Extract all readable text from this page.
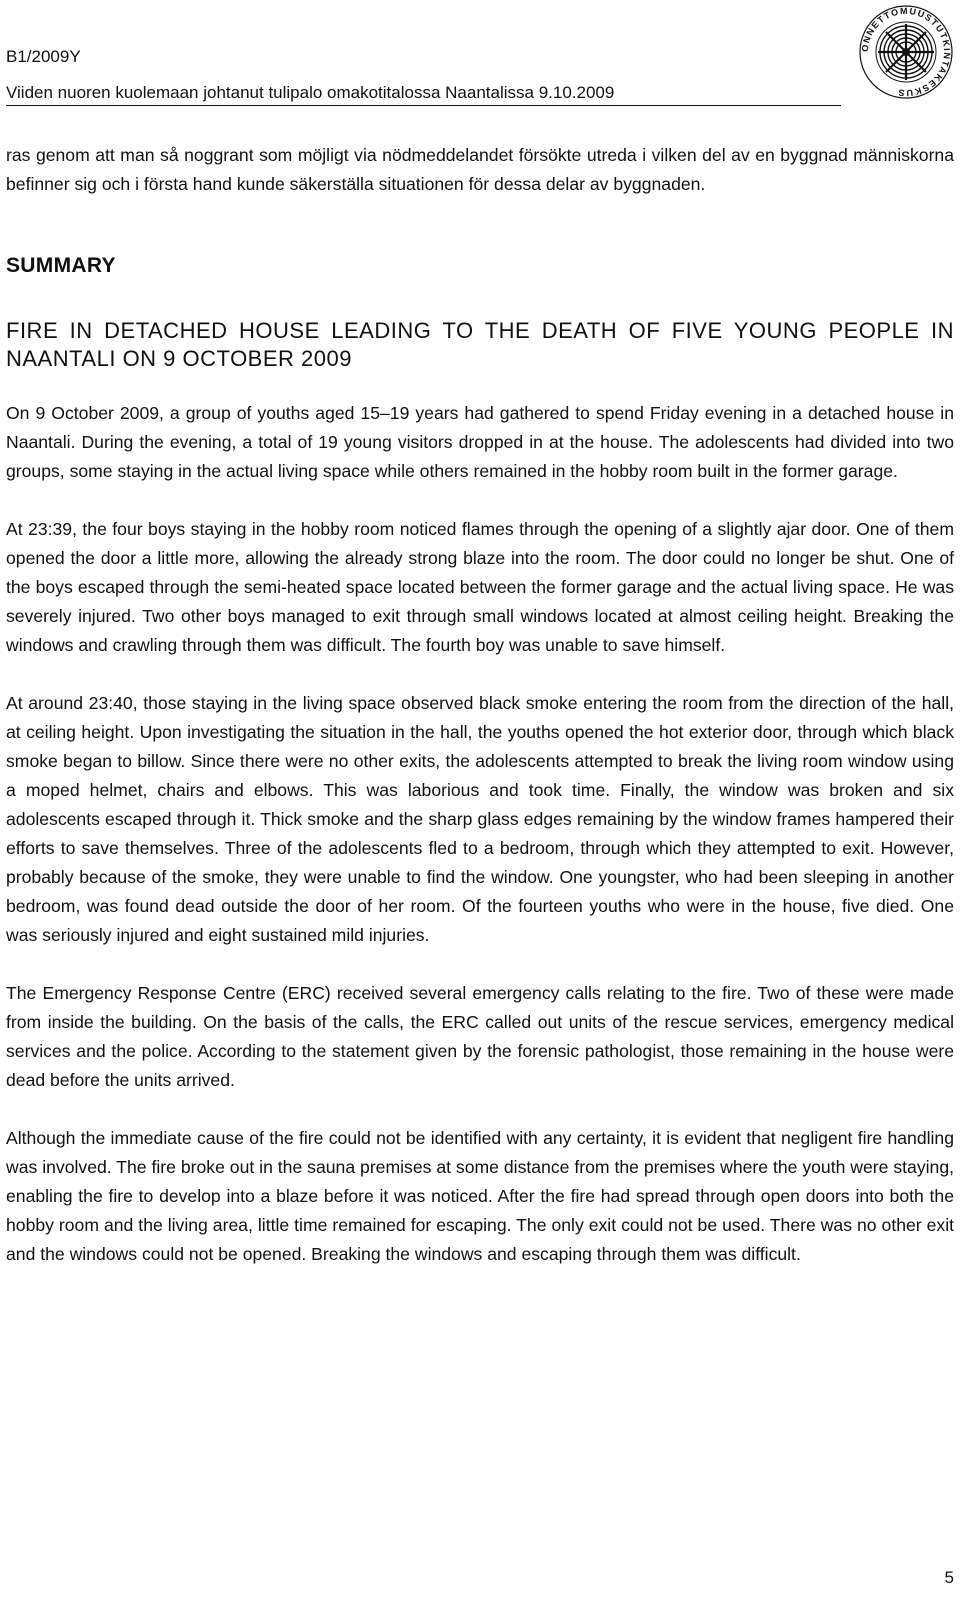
B1/2009Y
Viiden nuoren kuolemaan johtanut tulipalo omakotitalossa Naantalissa 9.10.2009
ONNETTOMUUSTUTKINTAKESKUS

ras genom att man så noggrant som möjligt via nödmeddelandet försökte utreda i vilken del av en byggnad människorna befinner sig och i första hand kunde säkerställa situationen för dessa delar av byggnaden.

SUMMARY
FIRE IN DETACHED HOUSE LEADING TO THE DEATH OF FIVE YOUNG PEOPLE IN NAANTALI ON 9 OCTOBER 2009

On 9 October 2009, a group of youths aged 15–19 years had gathered to spend Friday evening in a detached house in Naantali. During the evening, a total of 19 young visitors dropped in at the house. The adolescents had divided into two groups, some staying in the actual living space while others remained in the hobby room built in the former garage.

At 23:39, the four boys staying in the hobby room noticed flames through the opening of a slightly ajar door. One of them opened the door a little more, allowing the already strong blaze into the room. The door could no longer be shut. One of the boys escaped through the semi-heated space located between the former garage and the actual living space. He was severely injured. Two other boys managed to exit through small windows located at almost ceiling height. Breaking the windows and crawling through them was difficult. The fourth boy was unable to save himself.

At around 23:40, those staying in the living space observed black smoke entering the room from the direction of the hall, at ceiling height. Upon investigating the situation in the hall, the youths opened the hot exterior door, through which black smoke began to billow. Since there were no other exits, the adolescents attempted to break the living room window using a moped helmet, chairs and elbows. This was laborious and took time. Finally, the window was broken and six adolescents escaped through it. Thick smoke and the sharp glass edges remaining by the window frames hampered their efforts to save themselves. Three of the adolescents fled to a bedroom, through which they attempted to exit. However, probably because of the smoke, they were unable to find the window. One youngster, who had been sleeping in another bedroom, was found dead outside the door of her room. Of the fourteen youths who were in the house, five died. One was seriously injured and eight sustained mild injuries.

The Emergency Response Centre (ERC) received several emergency calls relating to the fire. Two of these were made from inside the building. On the basis of the calls, the ERC called out units of the rescue services, emergency medical services and the police. According to the statement given by the forensic pathologist, those remaining in the house were dead before the units arrived.

Although the immediate cause of the fire could not be identified with any certainty, it is evident that negligent fire handling was involved. The fire broke out in the sauna premises at some distance from the premises where the youth were staying, enabling the fire to develop into a blaze before it was noticed. After the fire had spread through open doors into both the hobby room and the living area, little time remained for escaping. The only exit could not be used. There was no other exit and the windows could not be opened. Breaking the windows and escaping through them was difficult.

5
